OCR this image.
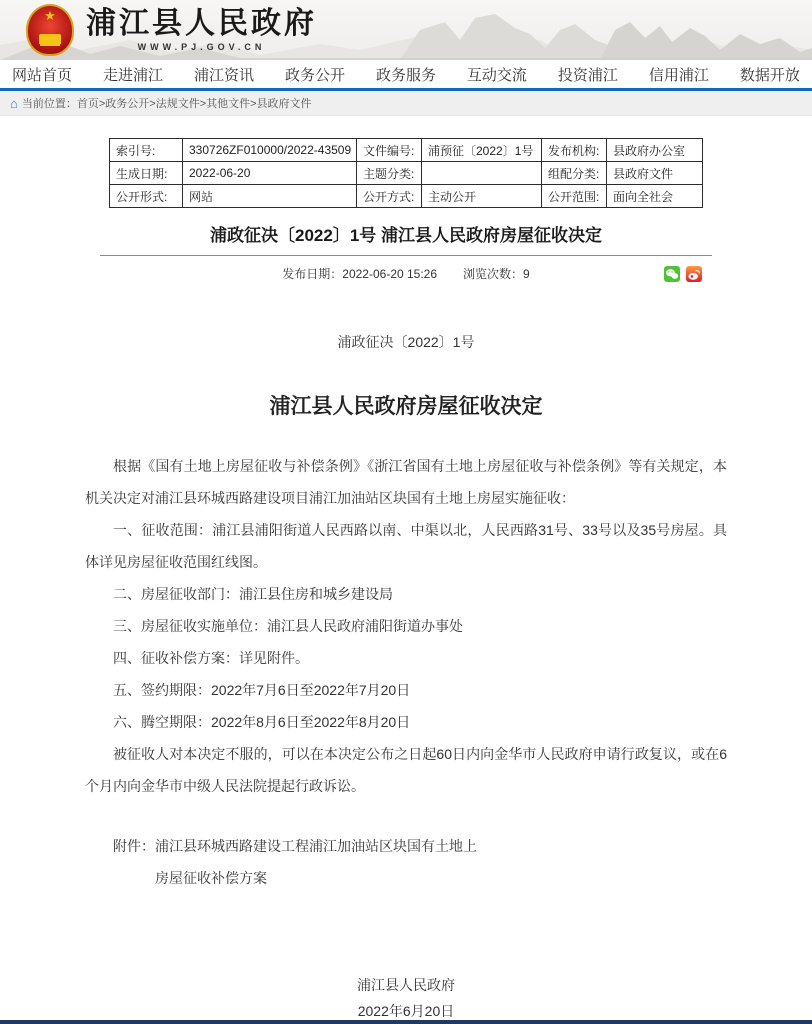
★	浦江县人民政府
WWW.PJ.GOV.CN
网站首页 走进浦江 浦江资讯 政务公开 政务服务 互动交流 投资浦江 信用浦江 数据开放
⌂ 当前位置： 首页>政务公开>法规文件>其他文件>县政府文件
索引号:	330726ZF010000/2022-43509	文件编号:	浦预征〔2022〕1号	发布机构:	县政府办公室
生成日期:	2022-06-20	主题分类:		组配分类:	县政府文件
公开形式:	网站	公开方式:	主动公开	公开范围:	面向全社会
浦政征决〔2022〕1号 浦江县人民政府房屋征收决定
发布日期：2022-06-20 15:26 浏览次数：9
浦政征决〔2022〕1号
浦江县人民政府房屋征收决定

根据《国有土地上房屋征收与补偿条例》《浙江省国有土地上房屋征收与补偿条例》等有关规定，本机关决定对浦江县环城西路建设项目浦江加油站区块国有土地上房屋实施征收：

一、征收范围：浦江县浦阳街道人民西路以南、中渠以北，人民西路31号、33号以及35号房屋。具体详见房屋征收范围红线图。

二、房屋征收部门：浦江县住房和城乡建设局

三、房屋征收实施单位：浦江县人民政府浦阳街道办事处

四、征收补偿方案：详见附件。

五、签约期限：2022年7月6日至2022年7月20日

六、腾空期限：2022年8月6日至2022年8月20日

被征收人对本决定不服的，可以在本决定公布之日起60日内向金华市人民政府申请行政复议，或在6个月内向金华市中级人民法院提起行政诉讼。

附件：浦江县环城西路建设工程浦江加油站区块国有土地上

房屋征收补偿方案

浦江县人民政府
2022年6月20日
